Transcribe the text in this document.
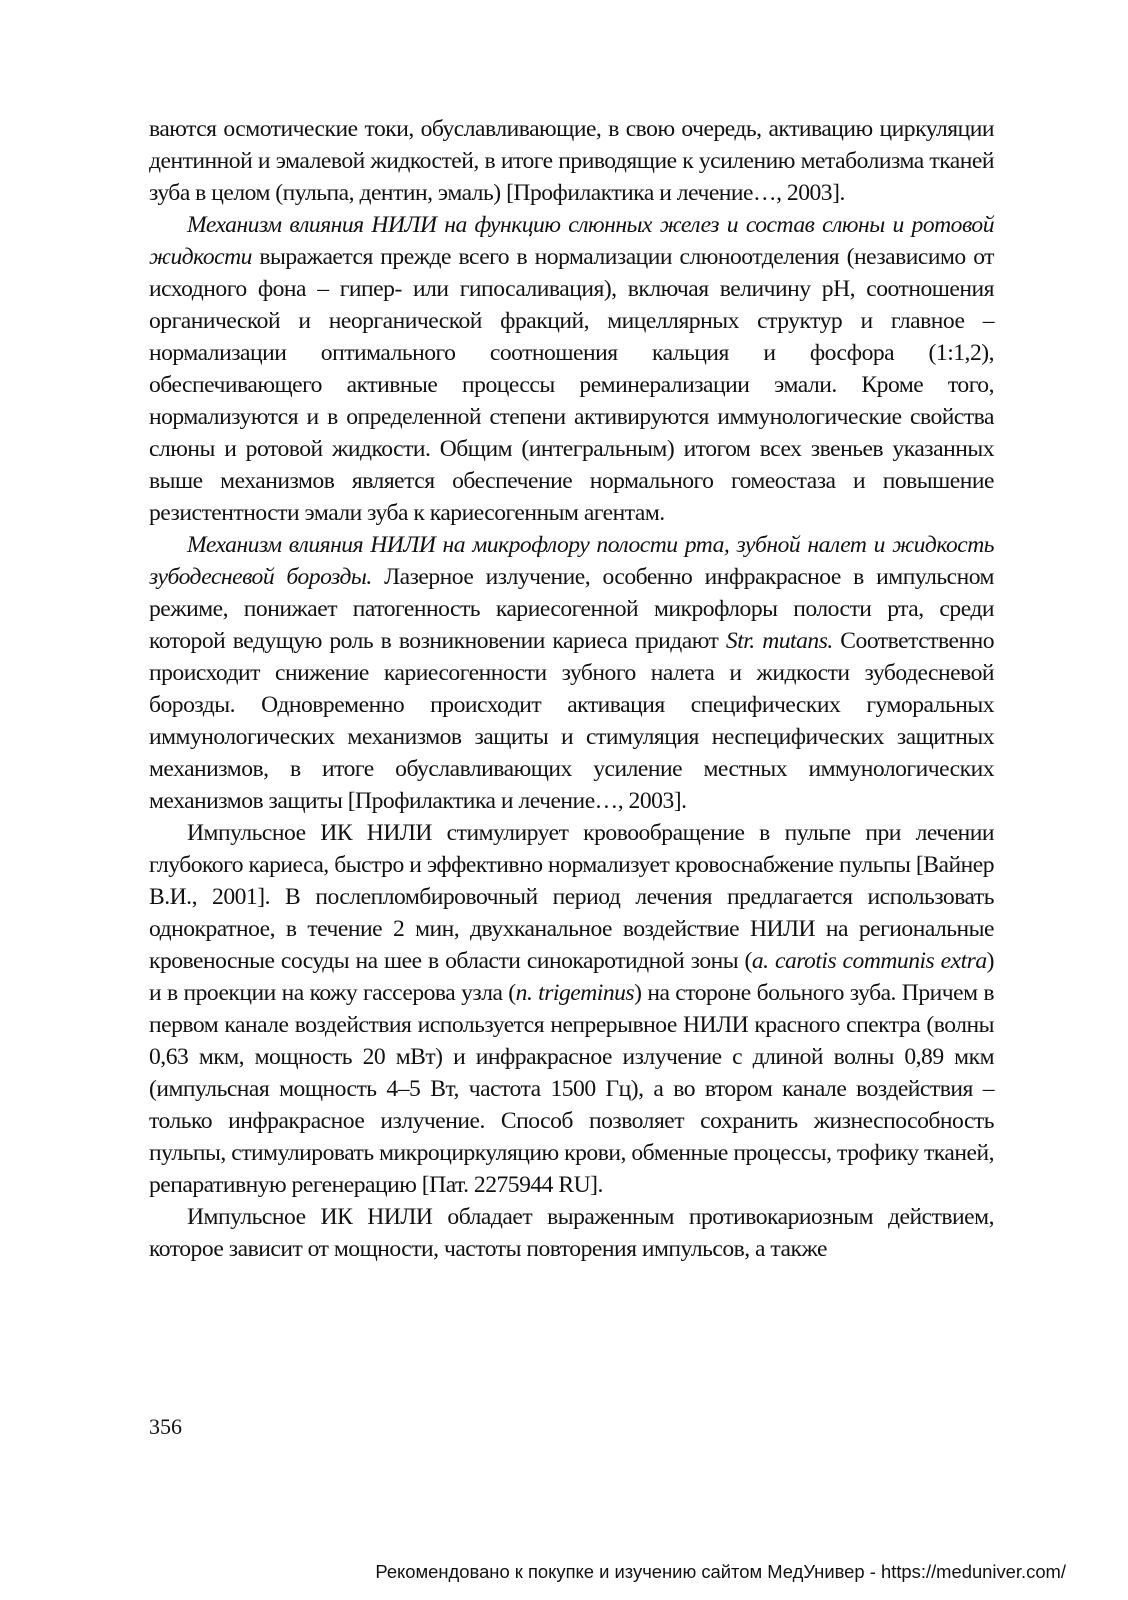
ваются осмотические токи, обуславливающие, в свою очередь, активацию циркуляции дентинной и эмалевой жидкостей, в итоге приводящие к усилению метаболизма тканей зуба в целом (пульпа, дентин, эмаль) [Профилактика и лечение…, 2003].

Механизм влияния НИЛИ на функцию слюнных желез и состав слюны и ротовой жидкости выражается прежде всего в нормализации слюноотделения (независимо от исходного фона – гипер- или гипосаливация), включая величину pH, соотношения органической и неорганической фракций, мицеллярных структур и главное – нормализации оптимального соотношения кальция и фосфора (1:1,2), обеспечивающего активные процессы реминерализации эмали. Кроме того, нормализуются и в определенной степени активируются иммунологические свойства слюны и ротовой жидкости. Общим (интегральным) итогом всех звеньев указанных выше механизмов является обеспечение нормального гомеостаза и повышение резистентности эмали зуба к кариесогенным агентам.

Механизм влияния НИЛИ на микрофлору полости рта, зубной налет и жидкость зубодесневой борозды. Лазерное излучение, особенно инфракрасное в импульсном режиме, понижает патогенность кариесогенной микрофлоры полости рта, среди которой ведущую роль в возникновении кариеса придают Str. mutans. Соответственно происходит снижение кариесогенности зубного налета и жидкости зубодесневой борозды. Одновременно происходит активация специфических гуморальных иммунологических механизмов защиты и стимуляция неспецифических защитных механизмов, в итоге обуславливающих усиление местных иммунологических механизмов защиты [Профилактика и лечение…, 2003].

Импульсное ИК НИЛИ стимулирует кровообращение в пульпе при лечении глубокого кариеса, быстро и эффективно нормализует кровоснабжение пульпы [Вайнер В.И., 2001]. В послепломбировочный период лечения предлагается использовать однократное, в течение 2 мин, двухканальное воздействие НИЛИ на региональные кровеносные сосуды на шее в области синокаротидной зоны (a. carotis communis extra) и в проекции на кожу гассерова узла (n. trigeminus) на стороне больного зуба. Причем в первом канале воздействия используется непрерывное НИЛИ красного спектра (волны 0,63 мкм, мощность 20 мВт) и инфракрасное излучение с длиной волны 0,89 мкм (импульсная мощность 4–5 Вт, частота 1500 Гц), а во втором канале воздействия – только инфракрасное излучение. Способ позволяет сохранить жизнеспособность пульпы, стимулировать микроциркуляцию крови, обменные процессы, трофику тканей, репаративную регенерацию [Пат. 2275944 RU].

Импульсное ИК НИЛИ обладает выраженным противокариозным действием, которое зависит от мощности, частоты повторения импульсов, а также

356
Рекомендовано к покупке и изучению сайтом МедУнивер - https://meduniver.com/
